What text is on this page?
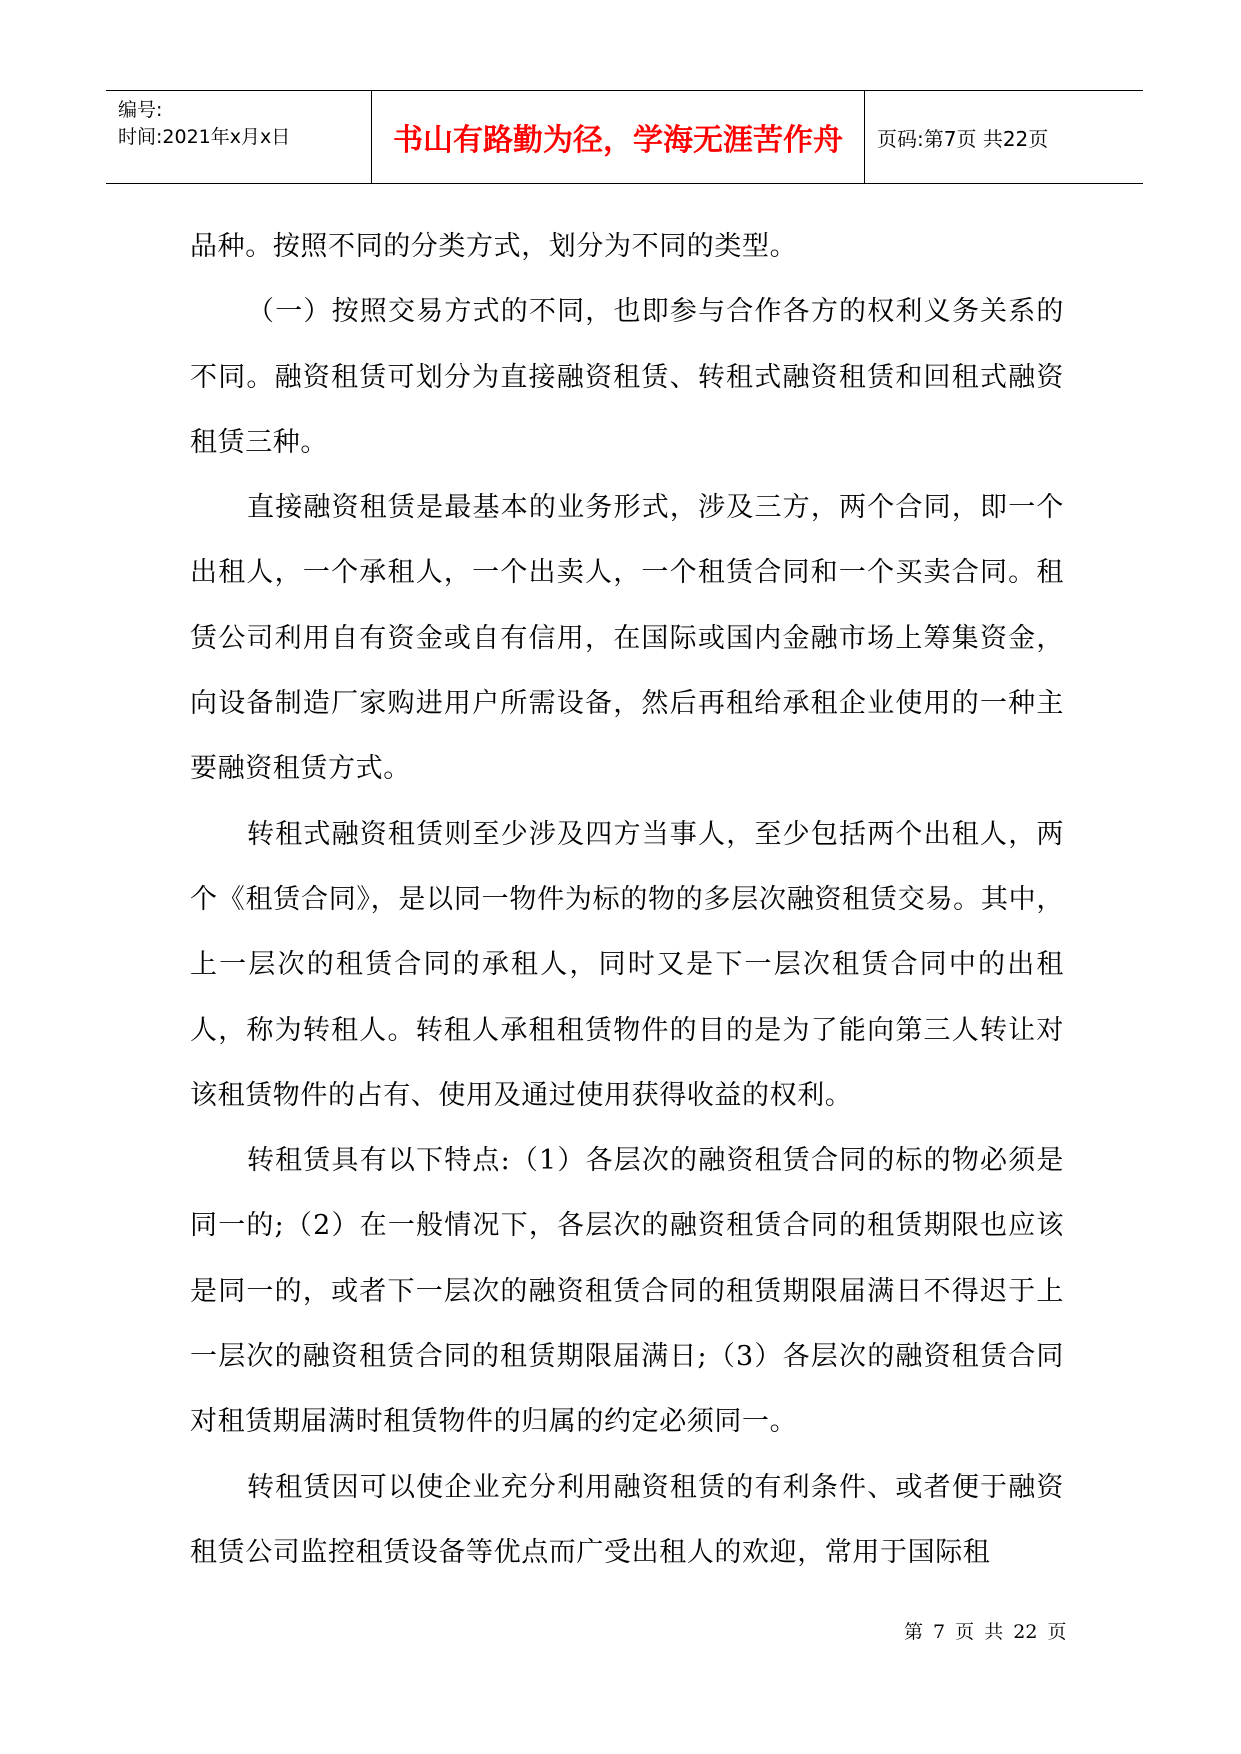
编号:
时间:2021年x月x日	书山有路勤为径，学海无涯苦作舟 页码: 第7页 共22页

品种。按照不同的分类方式，划分为不同的类型。

（一）按照交易方式的不同，也即参与合作各方的权利义务关系的不同。融资租赁可划分为直接融资租赁、转租式融资租赁和回租式融资租赁三种。

直接融资租赁是最基本的业务形式，涉及三方，两个合同，即一个出租人，一个承租人，一个出卖人，一个租赁合同和一个买卖合同。租赁公司利用自有资金或自有信用，在国际或国内金融市场上筹集资金，向设备制造厂家购进用户所需设备，然后再租给承租企业使用的一种主要融资租赁方式。

转租式融资租赁则至少涉及四方当事人，至少包括两个出租人，两个《租赁合同》，是以同一物件为标的物的多层次融资租赁交易。其中，上一层次的租赁合同的承租人，同时又是下一层次租赁合同中的出租人，称为转租人。转租人承租租赁物件的目的是为了能向第三人转让对该租赁物件的占有、使用及通过使用获得收益的权利。

转租赁具有以下特点:（1）各层次的融资租赁合同的标的物必须是同一的;（2）在一般情况下，各层次的融资租赁合同的租赁期限也应该是同一的，或者下一层次的融资租赁合同的租赁期限届满日不得迟于上一层次的融资租赁合同的租赁期限届满日;（3）各层次的融资租赁合同对租赁期届满时租赁物件的归属的约定必须同一。

转租赁因可以使企业充分利用融资租赁的有利条件、或者便于融资租赁公司监控租赁设备等优点而广受出租人的欢迎，常用于国际租

第 7 页 共 22 页
